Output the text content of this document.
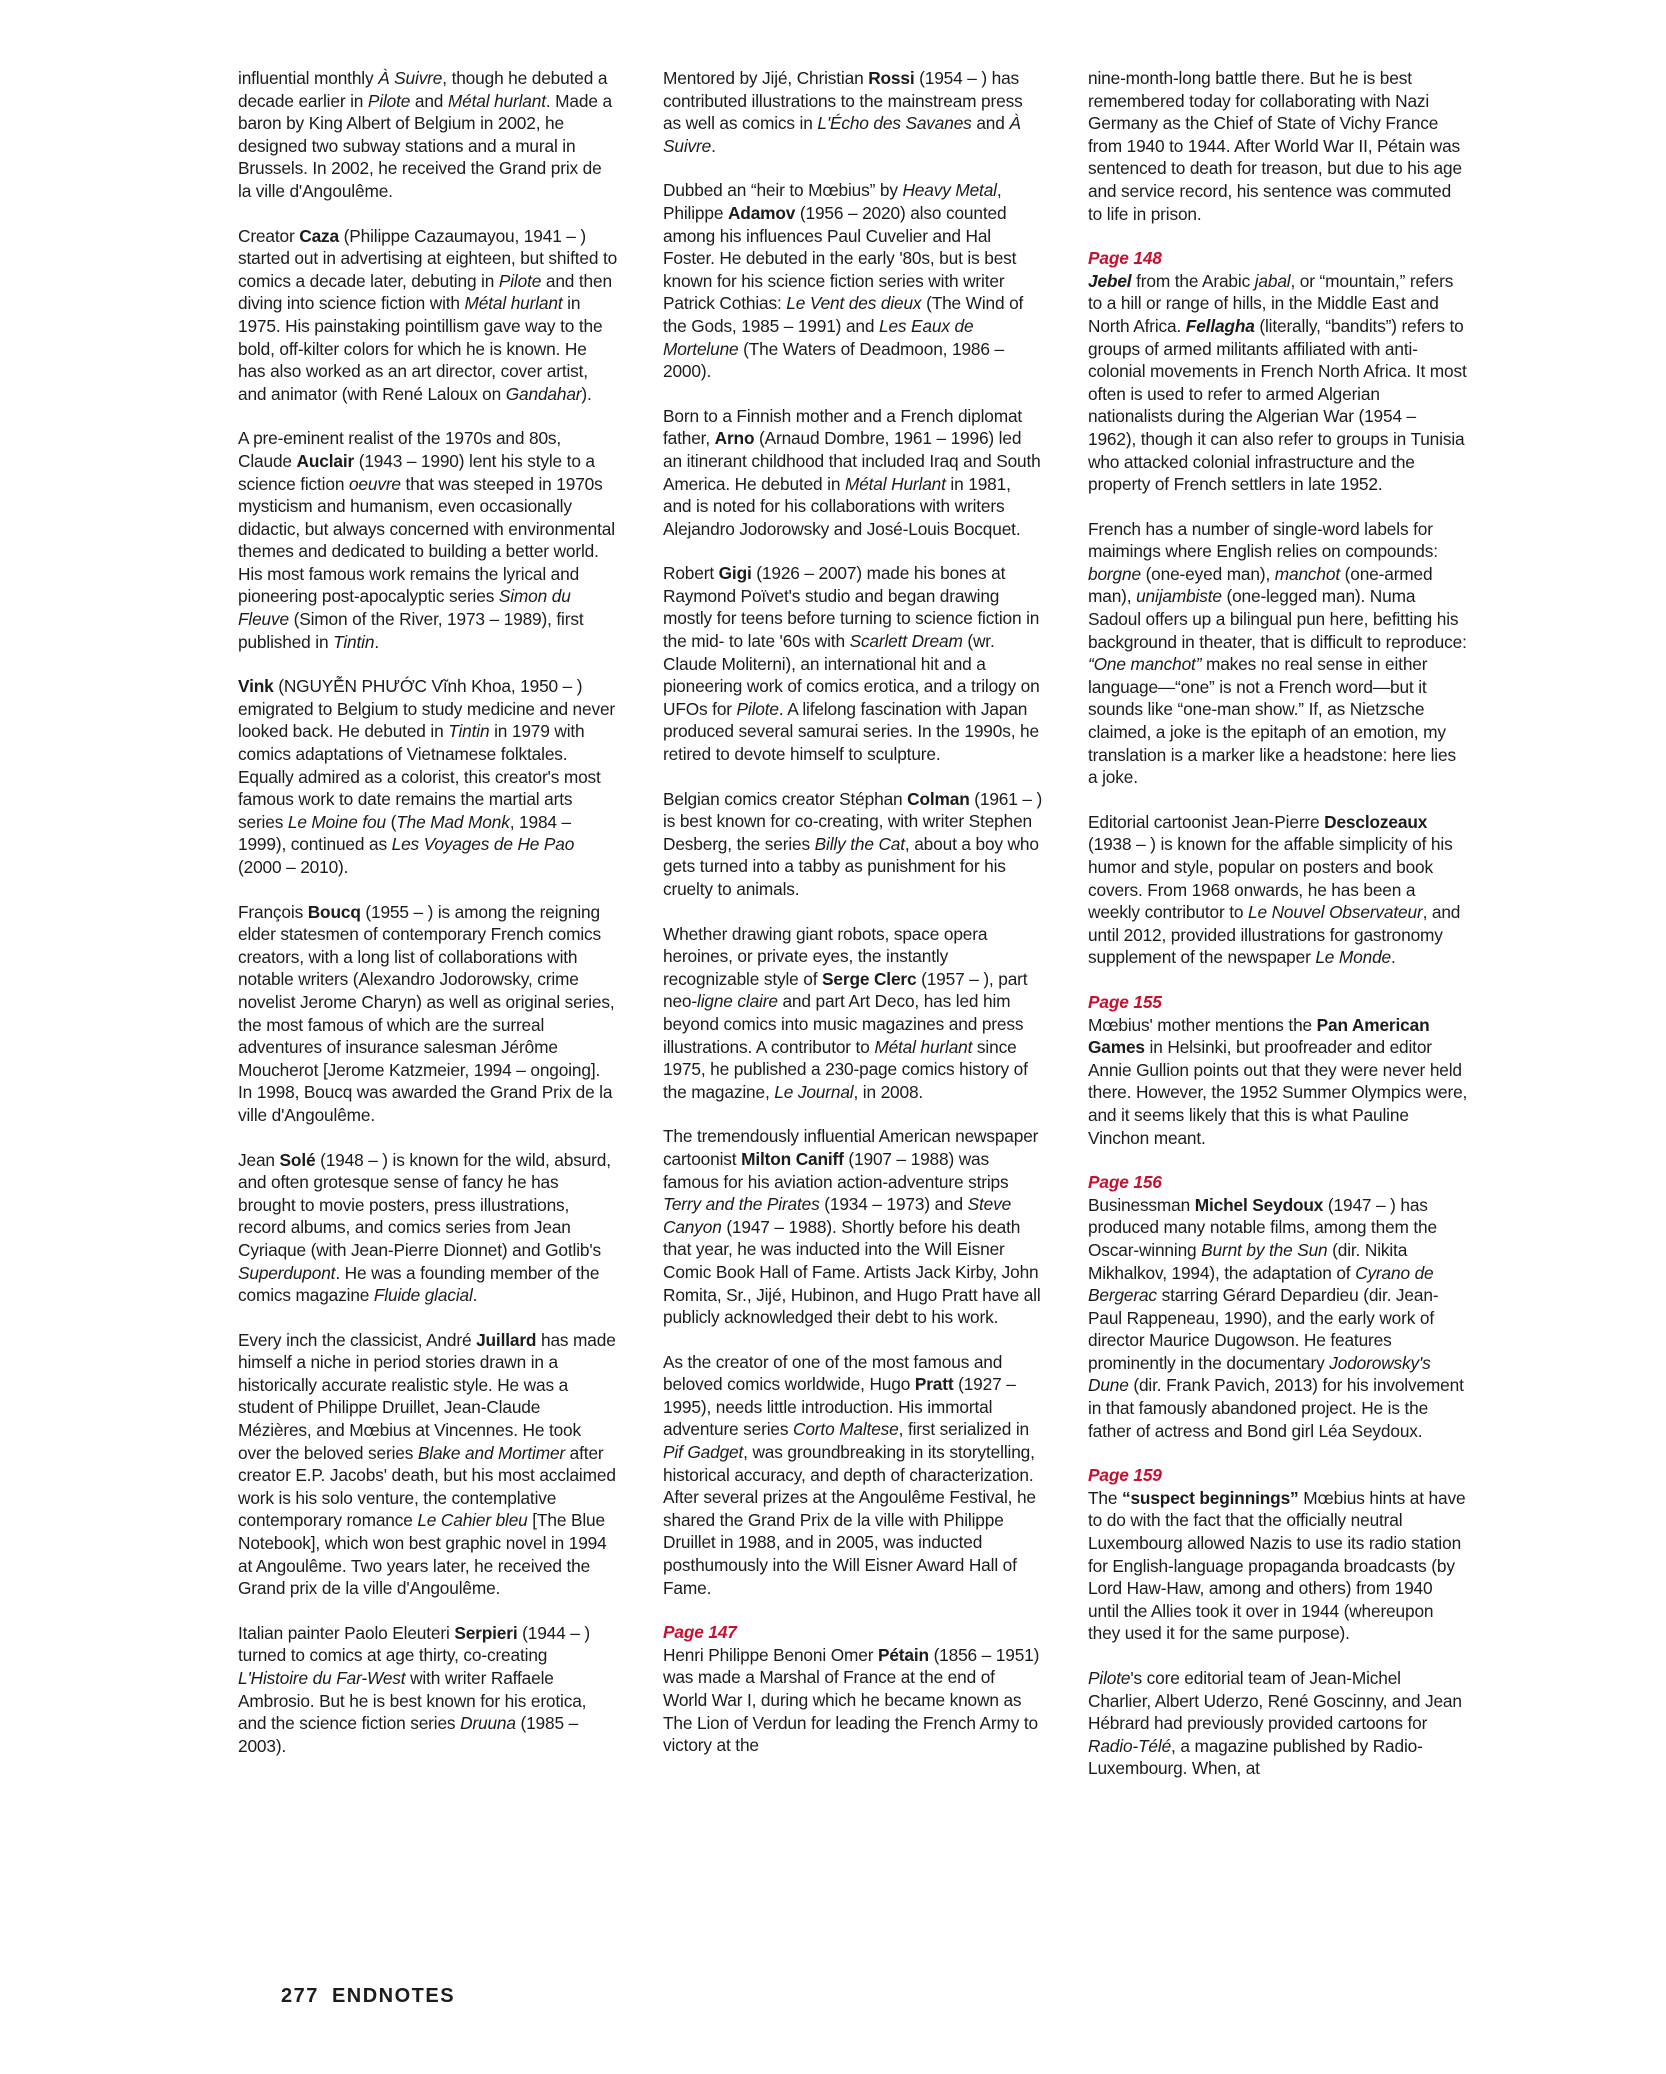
influential monthly À Suivre, though he debuted a decade earlier in Pilote and Métal hurlant. Made a baron by King Albert of Belgium in 2002, he designed two subway stations and a mural in Brussels. In 2002, he received the Grand prix de la ville d'Angoulême.

Creator Caza (Philippe Cazaumayou, 1941 – ) started out in advertising at eighteen, but shifted to comics a decade later, debuting in Pilote and then diving into science fiction with Métal hurlant in 1975. His painstaking pointillism gave way to the bold, off-kilter colors for which he is known. He has also worked as an art director, cover artist, and animator (with René Laloux on Gandahar).

A pre-eminent realist of the 1970s and 80s, Claude Auclair (1943 – 1990) lent his style to a science fiction oeuvre that was steeped in 1970s mysticism and humanism, even occasionally didactic, but always concerned with environmental themes and dedicated to building a better world. His most famous work remains the lyrical and pioneering post-apocalyptic series Simon du Fleuve (Simon of the River, 1973 – 1989), first published in Tintin.

Vink (NGUYỄN PHƯỚC Vĩnh Khoa, 1950 – ) emigrated to Belgium to study medicine and never looked back. He debuted in Tintin in 1979 with comics adaptations of Vietnamese folktales. Equally admired as a colorist, this creator's most famous work to date remains the martial arts series Le Moine fou (The Mad Monk, 1984 – 1999), continued as Les Voyages de He Pao (2000 – 2010).

François Boucq (1955 – ) is among the reigning elder statesmen of contemporary French comics creators, with a long list of collaborations with notable writers (Alexandro Jodorowsky, crime novelist Jerome Charyn) as well as original series, the most famous of which are the surreal adventures of insurance salesman Jérôme Moucherot [Jerome Katzmeier, 1994 – ongoing]. In 1998, Boucq was awarded the Grand Prix de la ville d'Angoulême.

Jean Solé (1948 – ) is known for the wild, absurd, and often grotesque sense of fancy he has brought to movie posters, press illustrations, record albums, and comics series from Jean Cyriaque (with Jean-Pierre Dionnet) and Gotlib's Superdupont. He was a founding member of the comics magazine Fluide glacial.

Every inch the classicist, André Juillard has made himself a niche in period stories drawn in a historically accurate realistic style. He was a student of Philippe Druillet, Jean-Claude Mézières, and Mœbius at Vincennes. He took over the beloved series Blake and Mortimer after creator E.P. Jacobs' death, but his most acclaimed work is his solo venture, the contemplative contemporary romance Le Cahier bleu [The Blue Notebook], which won best graphic novel in 1994 at Angoulême. Two years later, he received the Grand prix de la ville d'Angoulême.

Italian painter Paolo Eleuteri Serpieri (1944 – ) turned to comics at age thirty, co-creating L'Histoire du Far-West with writer Raffaele Ambrosio. But he is best known for his erotica, and the science fiction series Druuna (1985 – 2003).

Mentored by Jijé, Christian Rossi (1954 – ) has contributed illustrations to the mainstream press as well as comics in L'Écho des Savanes and À Suivre.

Dubbed an “heir to Mœbius” by Heavy Metal, Philippe Adamov (1956 – 2020) also counted among his influences Paul Cuvelier and Hal Foster. He debuted in the early '80s, but is best known for his science fiction series with writer Patrick Cothias: Le Vent des dieux (The Wind of the Gods, 1985 – 1991) and Les Eaux de Mortelune (The Waters of Deadmoon, 1986 – 2000).

Born to a Finnish mother and a French diplomat father, Arno (Arnaud Dombre, 1961 – 1996) led an itinerant childhood that included Iraq and South America. He debuted in Métal Hurlant in 1981, and is noted for his collaborations with writers Alejandro Jodorowsky and José-Louis Bocquet.

Robert Gigi (1926 – 2007) made his bones at Raymond Poïvet's studio and began drawing mostly for teens before turning to science fiction in the mid- to late '60s with Scarlett Dream (wr. Claude Moliterni), an international hit and a pioneering work of comics erotica, and a trilogy on UFOs for Pilote. A lifelong fascination with Japan produced several samurai series. In the 1990s, he retired to devote himself to sculpture.

Belgian comics creator Stéphan Colman (1961 – ) is best known for co-creating, with writer Stephen Desberg, the series Billy the Cat, about a boy who gets turned into a tabby as punishment for his cruelty to animals.

Whether drawing giant robots, space opera heroines, or private eyes, the instantly recognizable style of Serge Clerc (1957 – ), part neo-ligne claire and part Art Deco, has led him beyond comics into music magazines and press illustrations. A contributor to Métal hurlant since 1975, he published a 230-page comics history of the magazine, Le Journal, in 2008.

The tremendously influential American newspaper cartoonist Milton Caniff (1907 – 1988) was famous for his aviation action-adventure strips Terry and the Pirates (1934 – 1973) and Steve Canyon (1947 – 1988). Shortly before his death that year, he was inducted into the Will Eisner Comic Book Hall of Fame. Artists Jack Kirby, John Romita, Sr., Jijé, Hubinon, and Hugo Pratt have all publicly acknowledged their debt to his work.

As the creator of one of the most famous and beloved comics worldwide, Hugo Pratt (1927 – 1995), needs little introduction. His immortal adventure series Corto Maltese, first serialized in Pif Gadget, was groundbreaking in its storytelling, historical accuracy, and depth of characterization. After several prizes at the Angoulême Festival, he shared the Grand Prix de la ville with Philippe Druillet in 1988, and in 2005, was inducted posthumously into the Will Eisner Award Hall of Fame.

Page 147
Henri Philippe Benoni Omer Pétain (1856 – 1951) was made a Marshal of France at the end of World War I, during which he became known as The Lion of Verdun for leading the French Army to victory at the

nine-month-long battle there. But he is best remembered today for collaborating with Nazi Germany as the Chief of State of Vichy France from 1940 to 1944. After World War II, Pétain was sentenced to death for treason, but due to his age and service record, his sentence was commuted to life in prison.

Page 148
Jebel from the Arabic jabal, or “mountain,” refers to a hill or range of hills, in the Middle East and North Africa. Fellagha (literally, “bandits”) refers to groups of armed militants affiliated with anti-colonial movements in French North Africa. It most often is used to refer to armed Algerian nationalists during the Algerian War (1954 – 1962), though it can also refer to groups in Tunisia who attacked colonial infrastructure and the property of French settlers in late 1952.

French has a number of single-word labels for maimings where English relies on compounds: borgne (one-eyed man), manchot (one-armed man), unijambiste (one-legged man). Numa Sadoul offers up a bilingual pun here, befitting his background in theater, that is difficult to reproduce: “One manchot” makes no real sense in either language—“one” is not a French word—but it sounds like “one-man show.” If, as Nietzsche claimed, a joke is the epitaph of an emotion, my translation is a marker like a headstone: here lies a joke.

Editorial cartoonist Jean-Pierre Desclozeaux (1938 – ) is known for the affable simplicity of his humor and style, popular on posters and book covers. From 1968 onwards, he has been a weekly contributor to Le Nouvel Observateur, and until 2012, provided illustrations for gastronomy supplement of the newspaper Le Monde.

Page 155
Mœbius' mother mentions the Pan American Games in Helsinki, but proofreader and editor Annie Gullion points out that they were never held there. However, the 1952 Summer Olympics were, and it seems likely that this is what Pauline Vinchon meant.

Page 156
Businessman Michel Seydoux (1947 – ) has produced many notable films, among them the Oscar-winning Burnt by the Sun (dir. Nikita Mikhalkov, 1994), the adaptation of Cyrano de Bergerac starring Gérard Depardieu (dir. Jean-Paul Rappeneau, 1990), and the early work of director Maurice Dugowson. He features prominently in the documentary Jodorowsky's Dune (dir. Frank Pavich, 2013) for his involvement in that famously abandoned project. He is the father of actress and Bond girl Léa Seydoux.

Page 159
The “suspect beginnings” Mœbius hints at have to do with the fact that the officially neutral Luxembourg allowed Nazis to use its radio station for English-language propaganda broadcasts (by Lord Haw-Haw, among and others) from 1940 until the Allies took it over in 1944 (whereupon they used it for the same purpose).

Pilote's core editorial team of Jean-Michel Charlier, Albert Uderzo, René Goscinny, and Jean Hébrard had previously provided cartoons for Radio-Télé, a magazine published by Radio-Luxembourg. When, at

277 ENDNOTES
